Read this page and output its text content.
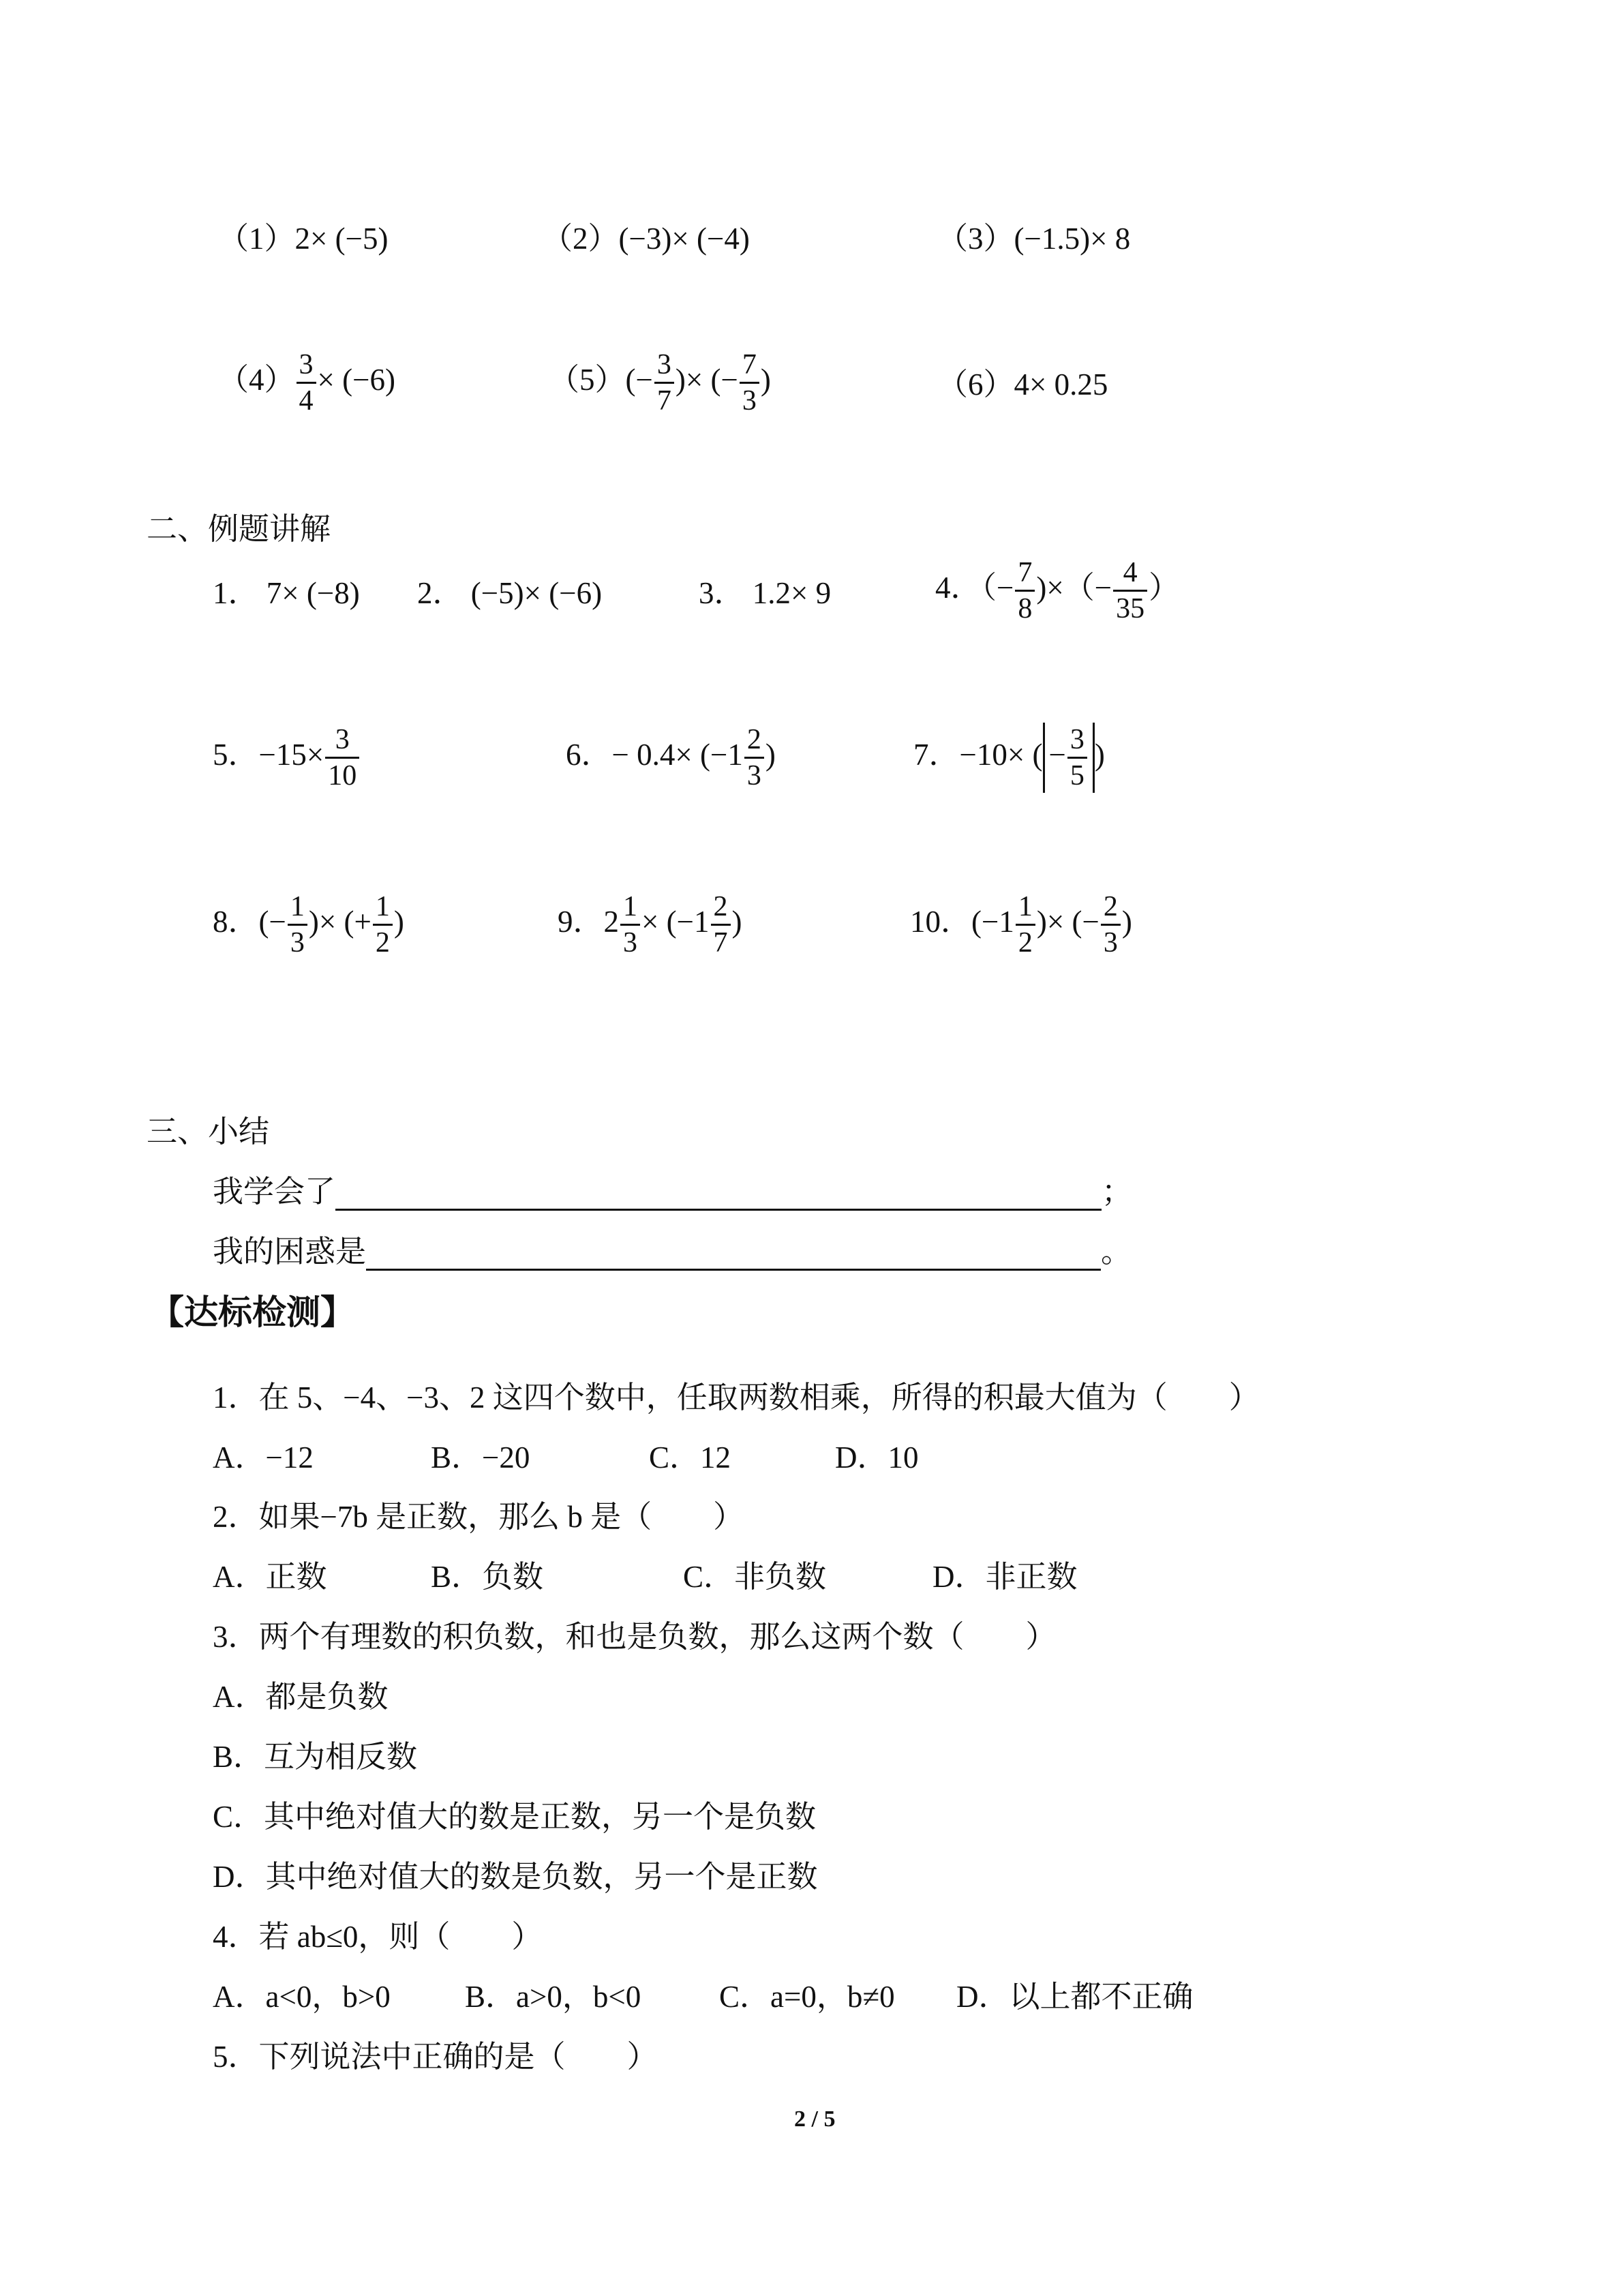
（1）2× (−5)	（2）(−3)× (−4)	（3）(−1.5)× 8
$(4) \frac{3}{4} \times (-6)$	$(5)(- \frac{3}{7}$ )× (− $\frac{7}{3}$ )	（6）4× 0.25
二、例题讲解
1． 7× (−8) 2． (−5)× (−6)	3． 1.2× 9	4．（− $\frac{7}{8}$ )×（− $\frac{4}{35}$ ）
5．$-15\times \frac{3}{10}$	6．− $0.4\times (-1 \frac{2}{3}$ )	7．−10× ( − $\frac{3}{5}$ )
8．(− $\frac{1}{3}$ )× (+ $\frac{1}{2}$ )	9．$2 \frac{1}{3} \times (-1 \frac{2}{7}$ )	10．($-1 \frac{1}{2}$ )× (− $\frac{2}{3}$ )
三、小结
我学会了	；
我的困惑是	。
【达标检测】
1．在 5、−4、−3、2 这四个数中，任取两数相乘，所得的积最大值为（　　）
A．−12	B．−20	C．12	D．10
2．如果−7b 是正数，那么 b 是（　　）
A．正数	B．负数	C．非负数	D．非正数
3．两个有理数的积负数，和也是负数，那么这两个数（　　）
A．都是负数
B．互为相反数
C．其中绝对值大的数是正数，另一个是负数
D．其中绝对值大的数是负数，另一个是正数
4．若 ab≤0，则（　　）
A．a<0，b>0 B．a>0，b<0	C．a=0，b≠0 D．以上都不正确
5．下列说法中正确的是（　　）
2 / 5
